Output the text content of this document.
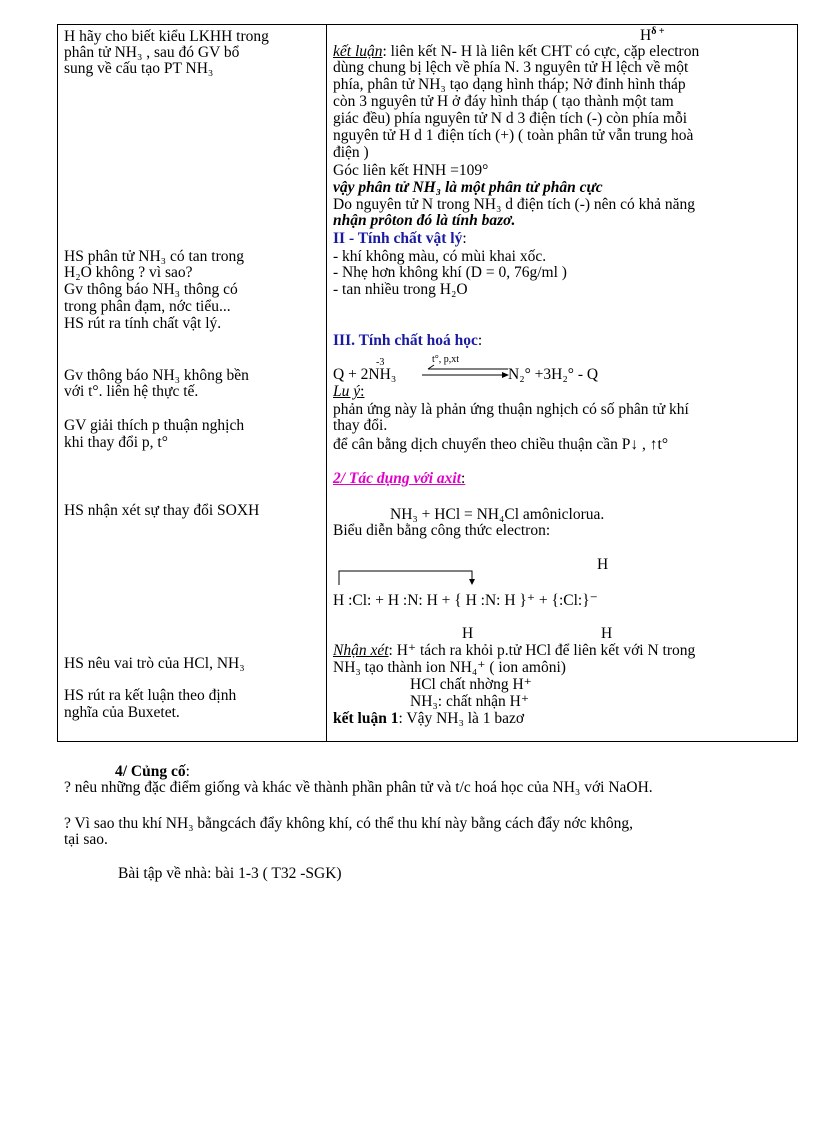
H hãy cho biết kiểu LKHH trong
phân tử NH₃ , sau đó GV bổ
sung về cấu tạo PT NH₃
HS phân tử NH₃ có tan trong
H₂O không ? vì sao?
Gv thông báo NH₃ thông có
trong phân đạm, nớc tiểu...
HS rút ra tính chất vật lý.
Gv thông báo NH₃ không bền
với t°. liên hệ thực tế.
GV giải thích p thuận nghịch
khi thay đổi p, t°
HS nhận xét sự thay đổi SOXH
HS nêu vai trò của HCl, NH₃
HS rút ra kết luận theo định
nghĩa của Buxetet.
$H^{\delta +}$
kết luận: liên kết N- H là liên kết CHT có cực, cặp electron
dùng chung bị lệch về phía N. 3 nguyên tử H lệch về một
phía, phân tử NH₃ tạo dạng hình tháp; Nở đỉnh hình tháp
còn 3 nguyên tử H ở đáy hình tháp ( tạo thành một tam
giác đều) phía nguyên tử N d 3 điện tích (-) còn phía mỗi
nguyên tử H d 1 điện tích (+) ( toàn phân tử vẫn trung hoà
điện )
Góc liên kết HNH =109°
vậy phân tử NH₃ là một phân tử phân cực
Do nguyên tử N trong NH₃ d điện tích (-) nên có khả năng
nhận prôton đó là tính bazơ.
II - Tính chất vật lý:
- khí không màu, có mùi khai xốc.
- Nhẹ hơn không khí (D = 0, 76g/ml )
- tan nhiều trong H₂O
III. Tính chất hoá học:
-3	t°, p,xt
Q + 2NH₃	N₂° +3H₂° - Q
Lu ý:
phản ứng này là phản ứng thuận nghịch có số phân tử khí
thay đổi.
để cân bằng dịch chuyển theo chiều thuận cần P↓ , ↑t°
2/ Tác dụng với axit:
NH₃ + HCl = NH₄Cl amôniclorua.
Biểu diễn bằng công thức electron:
H
H :Cl: + H :N: H + { H :N: H }⁺ + {:Cl:}⁻
H	H
Nhận xét: H⁺ tách ra khỏi p.tử HCl để liên kết với N trong
NH₃ tạo thành ion NH₄⁺ ( ion amôni)
HCl chất nhờng H⁺
NH₃: chất nhận H⁺
kết luận 1: Vậy NH₃ là 1 bazơ
4/ Củng cố:
? nêu những đặc điểm giống và khác về thành phần phân tử và t/c hoá học của NH₃ với NaOH.
? Vì sao thu khí NH₃ bằngcách đẩy không khí, có thể thu khí này bằng cách đẩy nớc không,
tại sao.
Bài tập về nhà: bài 1-3 ( T32 -SGK)
